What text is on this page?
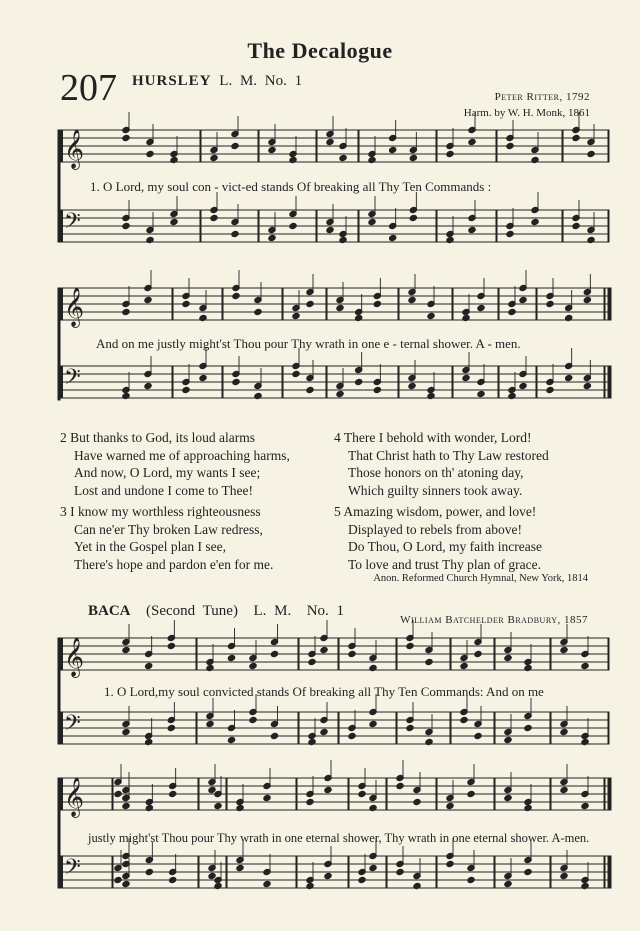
The Decalogue
207 HURSLEY L. M. No. 1
Peter Ritter, 1792
Harm. by W. H. Monk, 1861
𝄞
𝄢
𝄞
𝄢
𝄞
𝄢
𝄞
𝄢
1. O Lord, my soul con - vict-ed stands Of breaking all Thy Ten Commands :
And on me justly might'st Thou pour Thy wrath in one e - ternal shower. A - men.
2 But thanks to God, its loud alarms
Have warned me of approaching harms,
And now, O Lord, my wants I see;
Lost and undone I come to Thee!
3 I know my worthless righteousness
Can ne'er Thy broken Law redress,
Yet in the Gospel plan I see,
There's hope and pardon e'en for me.
4 There I behold with wonder, Lord!
That Christ hath to Thy Law restored
Those honors on th' atoning day,
Which guilty sinners took away.
5 Amazing wisdom, power, and love!
Displayed to rebels from above!
Do Thou, O Lord, my faith increase
To love and trust Thy plan of grace.
Anon. Reformed Church Hymnal, New York, 1814
BACA (Second Tune) L. M. No. 1
William Batchelder Bradbury, 1857
1. O Lord,my soul convicted stands Of breaking all Thy Ten Commands: And on me
justly might'st Thou pour Thy wrath in one eternal shower, Thy wrath in one eternal shower. A-men.
